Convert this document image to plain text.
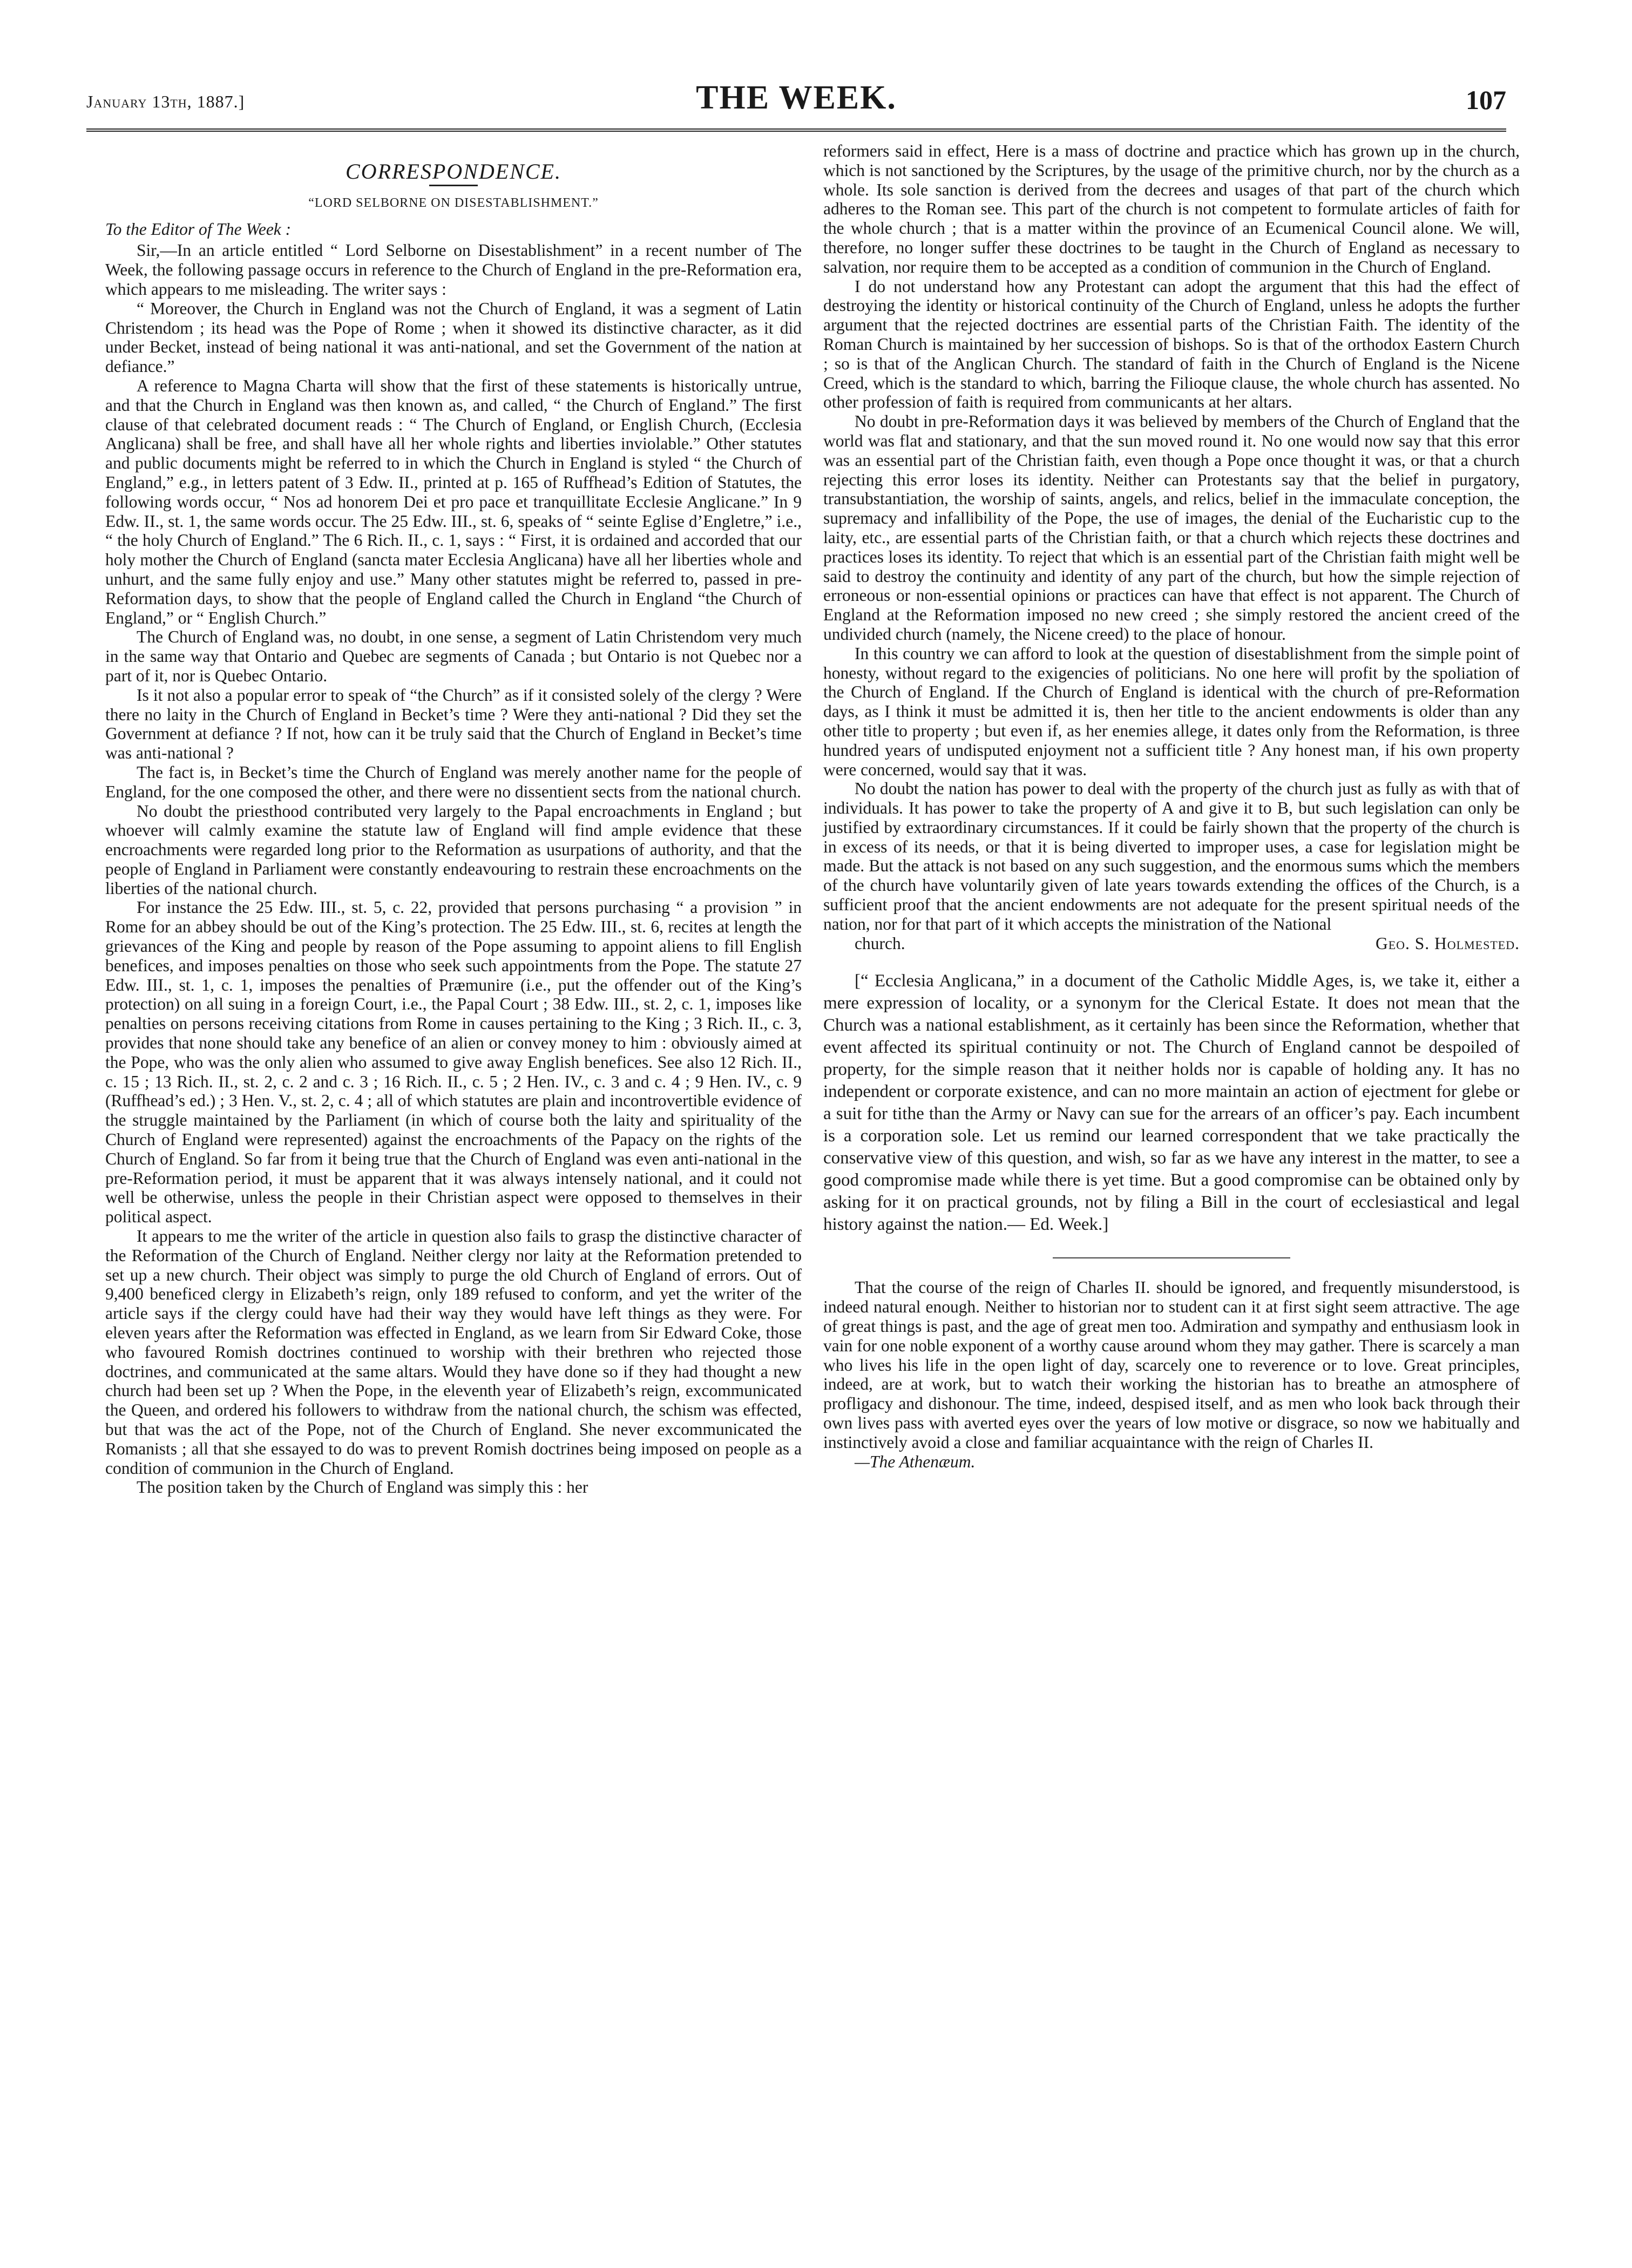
January 13th, 1887.]	THE WEEK.	107
CORRESPONDENCE.
“LORD SELBORNE ON DISESTABLISHMENT.”
To the Editor of The Week :

Sir,—In an article entitled “ Lord Selborne on Disestablishment” in a recent number of The Week, the following passage occurs in reference to the Church of England in the pre-Reformation era, which appears to me misleading. The writer says :

“ Moreover, the Church in England was not the Church of England, it was a segment of Latin Christendom ; its head was the Pope of Rome ; when it showed its distinctive character, as it did under Becket, instead of being national it was anti-national, and set the Government of the nation at defiance.”

A reference to Magna Charta will show that the first of these statements is historically untrue, and that the Church in England was then known as, and called, “ the Church of England.” The first clause of that celebrated document reads : “ The Church of England, or English Church, (Ecclesia Anglicana) shall be free, and shall have all her whole rights and liberties inviolable.” Other statutes and public documents might be referred to in which the Church in England is styled “ the Church of England,” e.g., in letters patent of 3 Edw. II., printed at p. 165 of Ruffhead’s Edition of Statutes, the following words occur, “ Nos ad honorem Dei et pro pace et tranquillitate Ecclesie Anglicane.” In 9 Edw. II., st. 1, the same words occur. The 25 Edw. III., st. 6, speaks of “ seinte Eglise d’Engletre,” i.e., “ the holy Church of England.” The 6 Rich. II., c. 1, says : “ First, it is ordained and accorded that our holy mother the Church of England (sancta mater Ecclesia Anglicana) have all her liberties whole and unhurt, and the same fully enjoy and use.” Many other statutes might be referred to, passed in pre-Reformation days, to show that the people of England called the Church in England “the Church of England,” or “ English Church.”

The Church of England was, no doubt, in one sense, a segment of Latin Christendom very much in the same way that Ontario and Quebec are segments of Canada ; but Ontario is not Quebec nor a part of it, nor is Quebec Ontario.

Is it not also a popular error to speak of “the Church” as if it consisted solely of the clergy ? Were there no laity in the Church of England in Becket’s time ? Were they anti-national ? Did they set the Government at defiance ? If not, how can it be truly said that the Church of England in Becket’s time was anti-national ?

The fact is, in Becket’s time the Church of England was merely another name for the people of England, for the one composed the other, and there were no dissentient sects from the national church.

No doubt the priesthood contributed very largely to the Papal encroachments in England ; but whoever will calmly examine the statute law of England will find ample evidence that these encroachments were regarded long prior to the Reformation as usurpations of authority, and that the people of England in Parliament were constantly endeavouring to restrain these encroachments on the liberties of the national church.

For instance the 25 Edw. III., st. 5, c. 22, provided that persons purchasing “ a provision ” in Rome for an abbey should be out of the King’s protection. The 25 Edw. III., st. 6, recites at length the grievances of the King and people by reason of the Pope assuming to appoint aliens to fill English benefices, and imposes penalties on those who seek such appointments from the Pope. The statute 27 Edw. III., st. 1, c. 1, imposes the penalties of Præmunire (i.e., put the offender out of the King’s protection) on all suing in a foreign Court, i.e., the Papal Court ; 38 Edw. III., st. 2, c. 1, imposes like penalties on persons receiving citations from Rome in causes pertaining to the King ; 3 Rich. II., c. 3, provides that none should take any benefice of an alien or convey money to him : obviously aimed at the Pope, who was the only alien who assumed to give away English benefices. See also 12 Rich. II., c. 15 ; 13 Rich. II., st. 2, c. 2 and c. 3 ; 16 Rich. II., c. 5 ; 2 Hen. IV., c. 3 and c. 4 ; 9 Hen. IV., c. 9 (Ruffhead’s ed.) ; 3 Hen. V., st. 2, c. 4 ; all of which statutes are plain and incontrovertible evidence of the struggle maintained by the Parliament (in which of course both the laity and spirituality of the Church of England were represented) against the encroachments of the Papacy on the rights of the Church of England. So far from it being true that the Church of England was even anti-national in the pre-Reformation period, it must be apparent that it was always intensely national, and it could not well be otherwise, unless the people in their Christian aspect were opposed to themselves in their political aspect.

It appears to me the writer of the article in question also fails to grasp the distinctive character of the Reformation of the Church of England. Neither clergy nor laity at the Reformation pretended to set up a new church. Their object was simply to purge the old Church of England of errors. Out of 9,400 beneficed clergy in Elizabeth’s reign, only 189 refused to conform, and yet the writer of the article says if the clergy could have had their way they would have left things as they were. For eleven years after the Reformation was effected in England, as we learn from Sir Edward Coke, those who favoured Romish doctrines continued to worship with their brethren who rejected those doctrines, and communicated at the same altars. Would they have done so if they had thought a new church had been set up ? When the Pope, in the eleventh year of Elizabeth’s reign, excommunicated the Queen, and ordered his followers to withdraw from the national church, the schism was effected, but that was the act of the Pope, not of the Church of England. She never excommunicated the Romanists ; all that she essayed to do was to prevent Romish doctrines being imposed on people as a condition of communion in the Church of England.

The position taken by the Church of England was simply this : her

reformers said in effect, Here is a mass of doctrine and practice which has grown up in the church, which is not sanctioned by the Scriptures, by the usage of the primitive church, nor by the church as a whole. Its sole sanction is derived from the decrees and usages of that part of the church which adheres to the Roman see. This part of the church is not competent to formulate articles of faith for the whole church ; that is a matter within the province of an Ecumenical Council alone. We will, therefore, no longer suffer these doctrines to be taught in the Church of England as necessary to salvation, nor require them to be accepted as a condition of communion in the Church of England.

I do not understand how any Protestant can adopt the argument that this had the effect of destroying the identity or historical continuity of the Church of England, unless he adopts the further argument that the rejected doctrines are essential parts of the Christian Faith. The identity of the Roman Church is maintained by her succession of bishops. So is that of the orthodox Eastern Church ; so is that of the Anglican Church. The standard of faith in the Church of England is the Nicene Creed, which is the standard to which, barring the Filioque clause, the whole church has assented. No other profession of faith is required from communicants at her altars.

No doubt in pre-Reformation days it was believed by members of the Church of England that the world was flat and stationary, and that the sun moved round it. No one would now say that this error was an essential part of the Christian faith, even though a Pope once thought it was, or that a church rejecting this error loses its identity. Neither can Protestants say that the belief in purgatory, transubstantiation, the worship of saints, angels, and relics, belief in the immaculate conception, the supremacy and infallibility of the Pope, the use of images, the denial of the Eucharistic cup to the laity, etc., are essential parts of the Christian faith, or that a church which rejects these doctrines and practices loses its identity. To reject that which is an essential part of the Christian faith might well be said to destroy the continuity and identity of any part of the church, but how the simple rejection of erroneous or non-essential opinions or practices can have that effect is not apparent. The Church of England at the Reformation imposed no new creed ; she simply restored the ancient creed of the undivided church (namely, the Nicene creed) to the place of honour.

In this country we can afford to look at the question of disestablishment from the simple point of honesty, without regard to the exigencies of politicians. No one here will profit by the spoliation of the Church of England. If the Church of England is identical with the church of pre-Reformation days, as I think it must be admitted it is, then her title to the ancient endowments is older than any other title to property ; but even if, as her enemies allege, it dates only from the Reformation, is three hundred years of undisputed enjoyment not a sufficient title ? Any honest man, if his own property were concerned, would say that it was.

No doubt the nation has power to deal with the property of the church just as fully as with that of individuals. It has power to take the property of A and give it to B, but such legislation can only be justified by extraordinary circumstances. If it could be fairly shown that the property of the church is in excess of its needs, or that it is being diverted to improper uses, a case for legislation might be made. But the attack is not based on any such suggestion, and the enormous sums which the members of the church have voluntarily given of late years towards extending the offices of the Church, is a sufficient proof that the ancient endowments are not adequate for the present spiritual needs of the nation, nor for that part of it which accepts the ministration of the National

church.	Geo. S. Holmested.

[“ Ecclesia Anglicana,” in a document of the Catholic Middle Ages, is, we take it, either a mere expression of locality, or a synonym for the Clerical Estate. It does not mean that the Church was a national establishment, as it certainly has been since the Reformation, whether that event affected its spiritual continuity or not. The Church of England cannot be despoiled of property, for the simple reason that it neither holds nor is capable of holding any. It has no independent or corporate existence, and can no more maintain an action of ejectment for glebe or a suit for tithe than the Army or Navy can sue for the arrears of an officer’s pay. Each incumbent is a corporation sole. Let us remind our learned correspondent that we take practically the conservative view of this question, and wish, so far as we have any interest in the matter, to see a good compromise made while there is yet time. But a good compromise can be obtained only by asking for it on practical grounds, not by filing a Bill in the court of ecclesiastical and legal history against the nation.— Ed. Week.]

That the course of the reign of Charles II. should be ignored, and frequently misunderstood, is indeed natural enough. Neither to historian nor to student can it at first sight seem attractive. The age of great things is past, and the age of great men too. Admiration and sympathy and enthusiasm look in vain for one noble exponent of a worthy cause around whom they may gather. There is scarcely a man who lives his life in the open light of day, scarcely one to reverence or to love. Great principles, indeed, are at work, but to watch their working the historian has to breathe an atmosphere of profligacy and dishonour. The time, indeed, despised itself, and as men who look back through their own lives pass with averted eyes over the years of low motive or disgrace, so now we habitually and instinctively avoid a close and familiar acquaintance with the reign of Charles II.

—The Athenæum.
